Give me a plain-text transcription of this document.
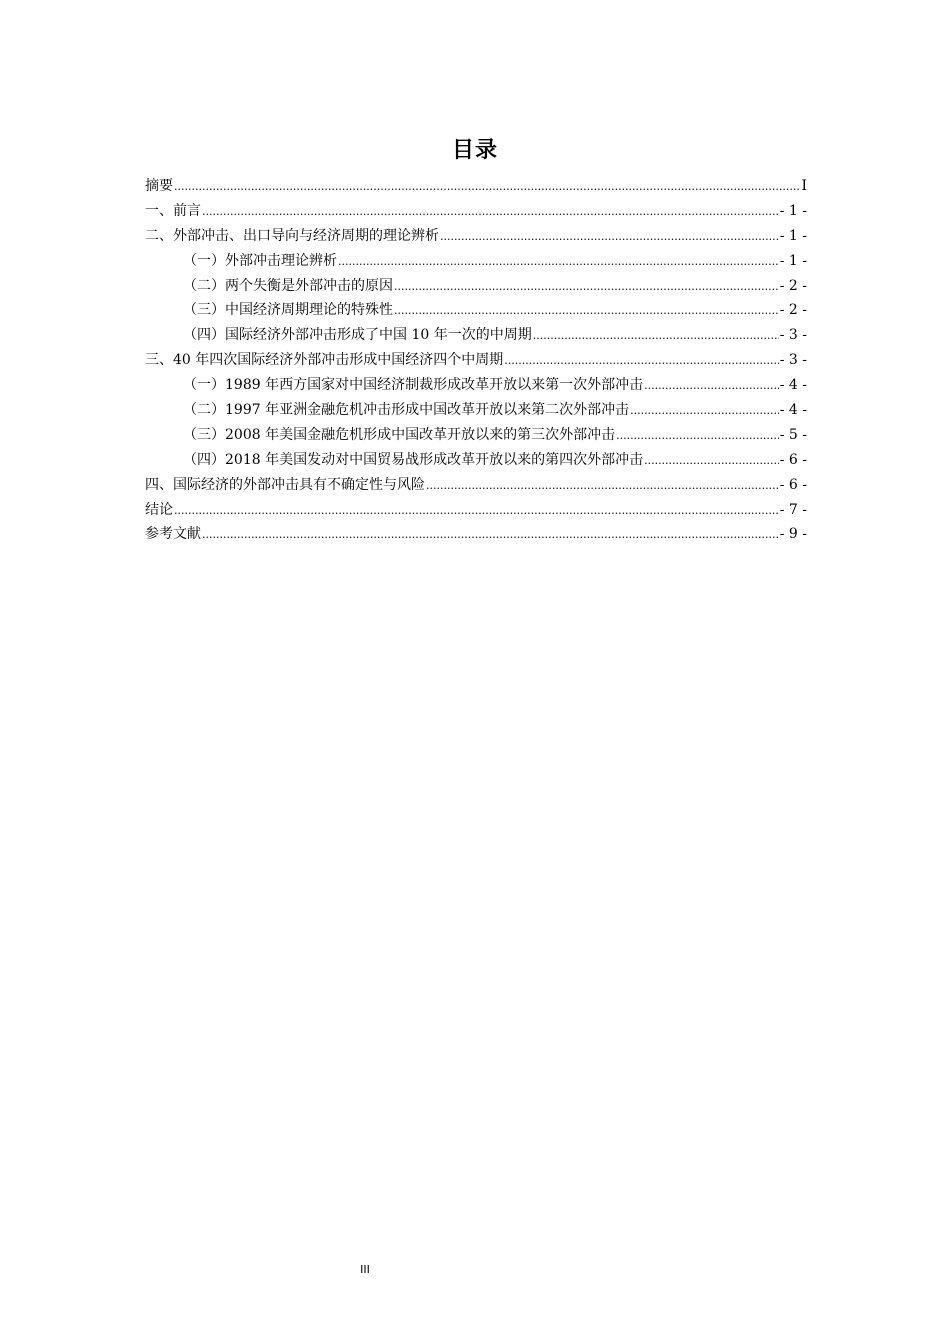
目录
摘要 .....	I
一、前言 .....	- 1 -
二、外部冲击、出口导向与经济周期的理论辨析 .....	- 1 -
（一）外部冲击理论辨析 .....	- 1 -
（二）两个失衡是外部冲击的原因 .....	- 2 -
（三）中国经济周期理论的特殊性 .....	- 2 -
（四）国际经济外部冲击形成了中国 10 年一次的中周期 .....	- 3 -
三、40 年四次国际经济外部冲击形成中国经济四个中周期 .....	- 3 -
（一）1989 年西方国家对中国经济制裁形成改革开放以来第一次外部冲击 .....	- 4 -
（二）1997 年亚洲金融危机冲击形成中国改革开放以来第二次外部冲击 .....	- 4 -
（三）2008 年美国金融危机形成中国改革开放以来的第三次外部冲击 .....	- 5 -
（四）2018 年美国发动对中国贸易战形成改革开放以来的第四次外部冲击 .....	- 6 -
四、国际经济的外部冲击具有不确定性与风险 .....	- 6 -
结论 .....	- 7 -
参考文献 .....	- 9 -
III
